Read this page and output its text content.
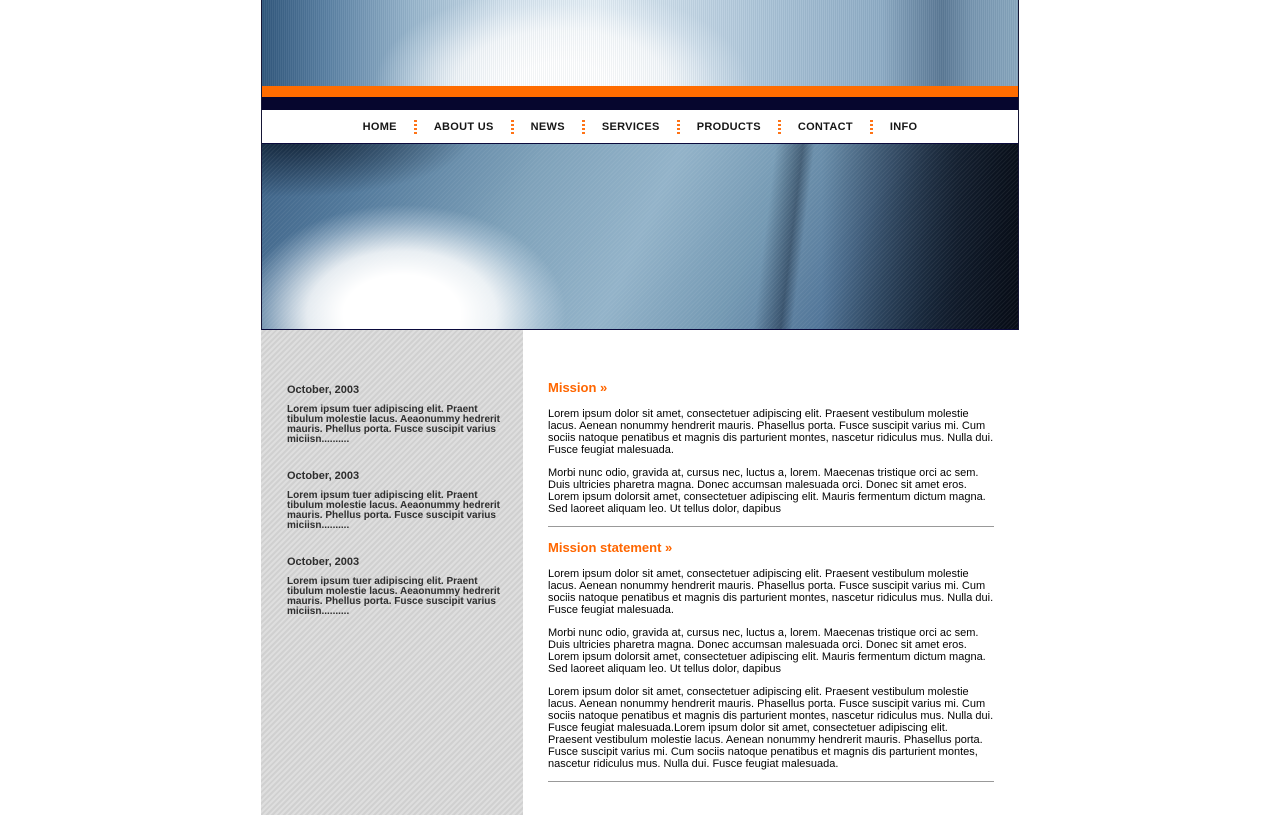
HOME	ABOUT US	NEWS	SERVICES	PRODUCTS	CONTACT	INFO
October, 2003

Lorem ipsum tuer adipiscing elit. Praent tibulum molestie lacus. Aeaonummy hedrerit mauris. Phellus porta. Fusce suscipit varius miciisn..........

October, 2003

Lorem ipsum tuer adipiscing elit. Praent tibulum molestie lacus. Aeaonummy hedrerit mauris. Phellus porta. Fusce suscipit varius miciisn..........

October, 2003

Lorem ipsum tuer adipiscing elit. Praent tibulum molestie lacus. Aeaonummy hedrerit mauris. Phellus porta. Fusce suscipit varius miciisn..........

Mission »

Lorem ipsum dolor sit amet, consectetuer adipiscing elit. Praesent vestibulum molestie lacus. Aenean nonummy hendrerit mauris. Phasellus porta. Fusce suscipit varius mi. Cum sociis natoque penatibus et magnis dis parturient montes, nascetur ridiculus mus. Nulla dui. Fusce feugiat malesuada.

Morbi nunc odio, gravida at, cursus nec, luctus a, lorem. Maecenas tristique orci ac sem. Duis ultricies pharetra magna. Donec accumsan malesuada orci. Donec sit amet eros. Lorem ipsum dolorsit amet, consectetuer adipiscing elit. Mauris fermentum dictum magna. Sed laoreet aliquam leo. Ut tellus dolor, dapibus

Mission statement »

Lorem ipsum dolor sit amet, consectetuer adipiscing elit. Praesent vestibulum molestie lacus. Aenean nonummy hendrerit mauris. Phasellus porta. Fusce suscipit varius mi. Cum sociis natoque penatibus et magnis dis parturient montes, nascetur ridiculus mus. Nulla dui. Fusce feugiat malesuada.

Morbi nunc odio, gravida at, cursus nec, luctus a, lorem. Maecenas tristique orci ac sem. Duis ultricies pharetra magna. Donec accumsan malesuada orci. Donec sit amet eros. Lorem ipsum dolorsit amet, consectetuer adipiscing elit. Mauris fermentum dictum magna. Sed laoreet aliquam leo. Ut tellus dolor, dapibus

Lorem ipsum dolor sit amet, consectetuer adipiscing elit. Praesent vestibulum molestie lacus. Aenean nonummy hendrerit mauris. Phasellus porta. Fusce suscipit varius mi. Cum sociis natoque penatibus et magnis dis parturient montes, nascetur ridiculus mus. Nulla dui. Fusce feugiat malesuada.Lorem ipsum dolor sit amet, consectetuer adipiscing elit. Praesent vestibulum molestie lacus. Aenean nonummy hendrerit mauris. Phasellus porta. Fusce suscipit varius mi. Cum sociis natoque penatibus et magnis dis parturient montes, nascetur ridiculus mus. Nulla dui. Fusce feugiat malesuada.
